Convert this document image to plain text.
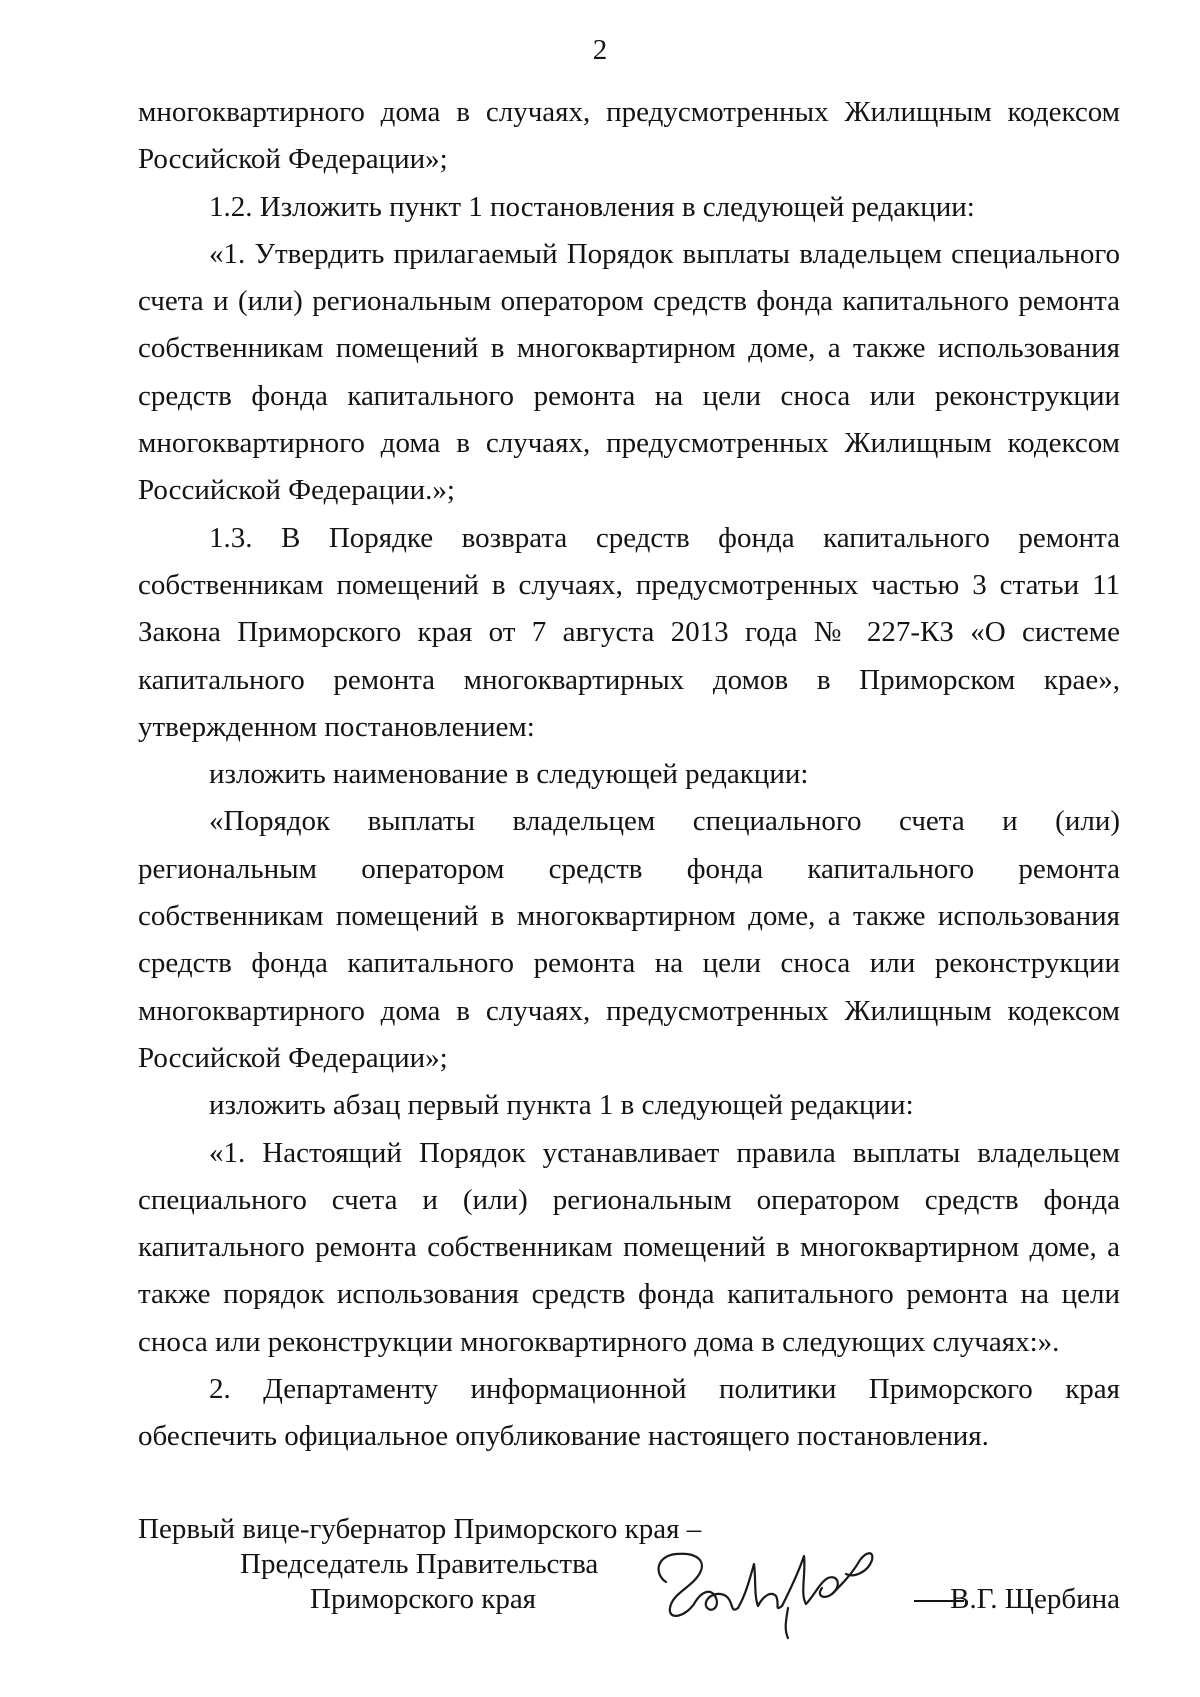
2

многоквартирного дома в случаях, предусмотренных Жилищным кодексом Российской Федерации»;

1.2. Изложить пункт 1 постановления в следующей редакции:

«1. Утвердить прилагаемый Порядок выплаты владельцем специального счета и (или) региональным оператором средств фонда капитального ремонта собственникам помещений в многоквартирном доме, а также использования средств фонда капитального ремонта на цели сноса или реконструкции многоквартирного дома в случаях, предусмотренных Жилищным кодексом Российской Федерации.»;

1.3. В Порядке возврата средств фонда капитального ремонта собственникам помещений в случаях, предусмотренных частью 3 статьи 11 Закона Приморского края от 7 августа 2013 года № 227-КЗ «О системе капитального ремонта многоквартирных домов в Приморском крае», утвержденном постановлением:

изложить наименование в следующей редакции:

«Порядок выплаты владельцем специального счета и (или) региональным оператором средств фонда капитального ремонта собственникам помещений в многоквартирном доме, а также использования средств фонда капитального ремонта на цели сноса или реконструкции многоквартирного дома в случаях, предусмотренных Жилищным кодексом Российской Федерации»;

изложить абзац первый пункта 1 в следующей редакции:

«1. Настоящий Порядок устанавливает правила выплаты владельцем специального счета и (или) региональным оператором средств фонда капитального ремонта собственникам помещений в многоквартирном доме, а также порядок использования средств фонда капитального ремонта на цели сноса или реконструкции многоквартирного дома в следующих случаях:».

2. Департаменту информационной политики Приморского края обеспечить официальное опубликование настоящего постановления.

Первый вице-губернатор Приморского края –
Председатель Правительства
Приморского края	В.Г. Щербина
